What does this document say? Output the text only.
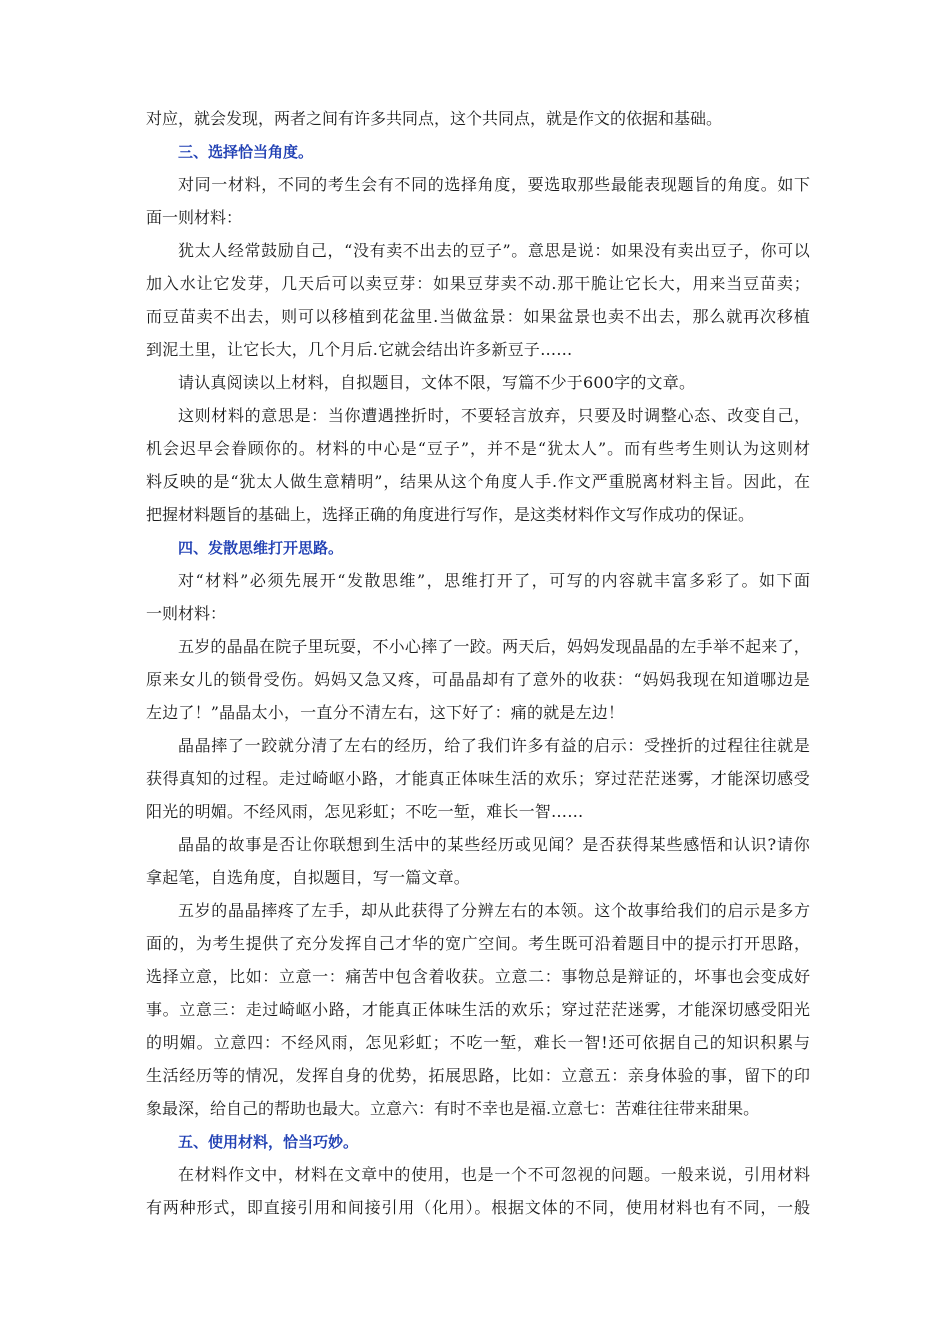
对应，就会发现，两者之间有许多共同点，这个共同点，就是作文的依据和基础。

三、选择恰当角度。

对同一材料，不同的考生会有不同的选择角度，要选取那些最能表现题旨的角度。如下

面一则材料：

犹太人经常鼓励自己，“没有卖不出去的豆子”。意思是说：如果没有卖出豆子，你可以

加入水让它发芽，几天后可以卖豆芽：如果豆芽卖不动.那干脆让它长大，用来当豆苗卖；

而豆苗卖不出去，则可以移植到花盆里.当做盆景：如果盆景也卖不出去，那么就再次移植

到泥土里，让它长大，几个月后.它就会结出许多新豆子……

请认真阅读以上材料，自拟题目，文体不限，写篇不少于600字的文章。

这则材料的意思是：当你遭遇挫折时，不要轻言放弃，只要及时调整心态、改变自己，

机会迟早会眷顾你的。材料的中心是“豆子”，并不是“犹太人”。而有些考生则认为这则材

料反映的是“犹太人做生意精明”，结果从这个角度人手.作文严重脱离材料主旨。因此，在

把握材料题旨的基础上，选择正确的角度进行写作，是这类材料作文写作成功的保证。

四、发散思维打开思路。

对“材料”必须先展开“发散思维”，思维打开了，可写的内容就丰富多彩了。如下面

一则材料：

五岁的晶晶在院子里玩耍，不小心摔了一跤。两天后，妈妈发现晶晶的左手举不起来了，

原来女儿的锁骨受伤。妈妈又急又疼，可晶晶却有了意外的收获：“妈妈我现在知道哪边是

左边了！”晶晶太小，一直分不清左右，这下好了：痛的就是左边！

晶晶摔了一跤就分清了左右的经历，给了我们许多有益的启示：受挫折的过程往往就是

获得真知的过程。走过崎岖小路，才能真正体味生活的欢乐；穿过茫茫迷雾，才能深切感受

阳光的明媚。不经风雨，怎见彩虹；不吃一堑，难长一智……

晶晶的故事是否让你联想到生活中的某些经历或见闻？是否获得某些感悟和认识?请你

拿起笔，自选角度，自拟题目，写一篇文章。

五岁的晶晶摔疼了左手，却从此获得了分辨左右的本领。这个故事给我们的启示是多方

面的，为考生提供了充分发挥自己才华的宽广空间。考生既可沿着题目中的提示打开思路，

选择立意，比如：立意一：痛苦中包含着收获。立意二：事物总是辩证的，坏事也会变成好

事。立意三：走过崎岖小路，才能真正体味生活的欢乐；穿过茫茫迷雾，才能深切感受阳光

的明媚。立意四：不经风雨，怎见彩虹；不吃一堑，难长一智!还可依据自己的知识积累与

生活经历等的情况，发挥自身的优势，拓展思路，比如：立意五：亲身体验的事，留下的印

象最深，给自己的帮助也最大。立意六：有时不幸也是福.立意七：苦难往往带来甜果。

五、使用材料，恰当巧妙。

在材料作文中，材料在文章中的使用，也是一个不可忽视的问题。一般来说，引用材料

有两种形式，即直接引用和间接引用（化用）。根据文体的不同，使用材料也有不同，一般
